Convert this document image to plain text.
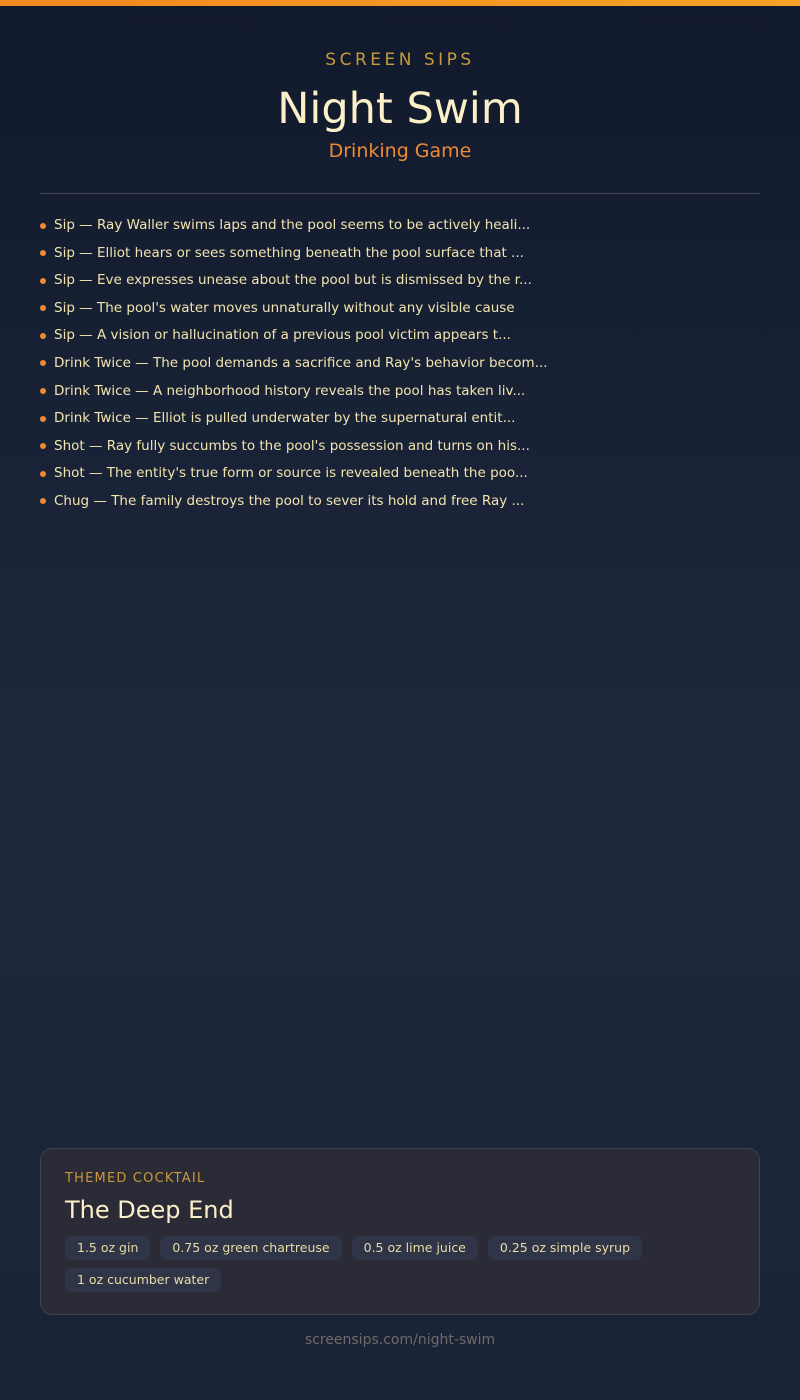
SCREEN SIPS
Night Swim
Drinking Game
Sip — Ray Waller swims laps and the pool seems to be actively heali...
Sip — Elliot hears or sees something beneath the pool surface that ...
Sip — Eve expresses unease about the pool but is dismissed by the r...
Sip — The pool's water moves unnaturally without any visible cause
Sip — A vision or hallucination of a previous pool victim appears t...
Drink Twice — The pool demands a sacrifice and Ray's behavior becom...
Drink Twice — A neighborhood history reveals the pool has taken liv...
Drink Twice — Elliot is pulled underwater by the supernatural entit...
Shot — Ray fully succumbs to the pool's possession and turns on his...
Shot — The entity's true form or source is revealed beneath the poo...
Chug — The family destroys the pool to sever its hold and free Ray ...
THEMED COCKTAIL
The Deep End
1.5 oz gin	0.75 oz green chartreuse	0.5 oz lime juice	0.25 oz simple syrup
1 oz cucumber water
screensips.com/night-swim
